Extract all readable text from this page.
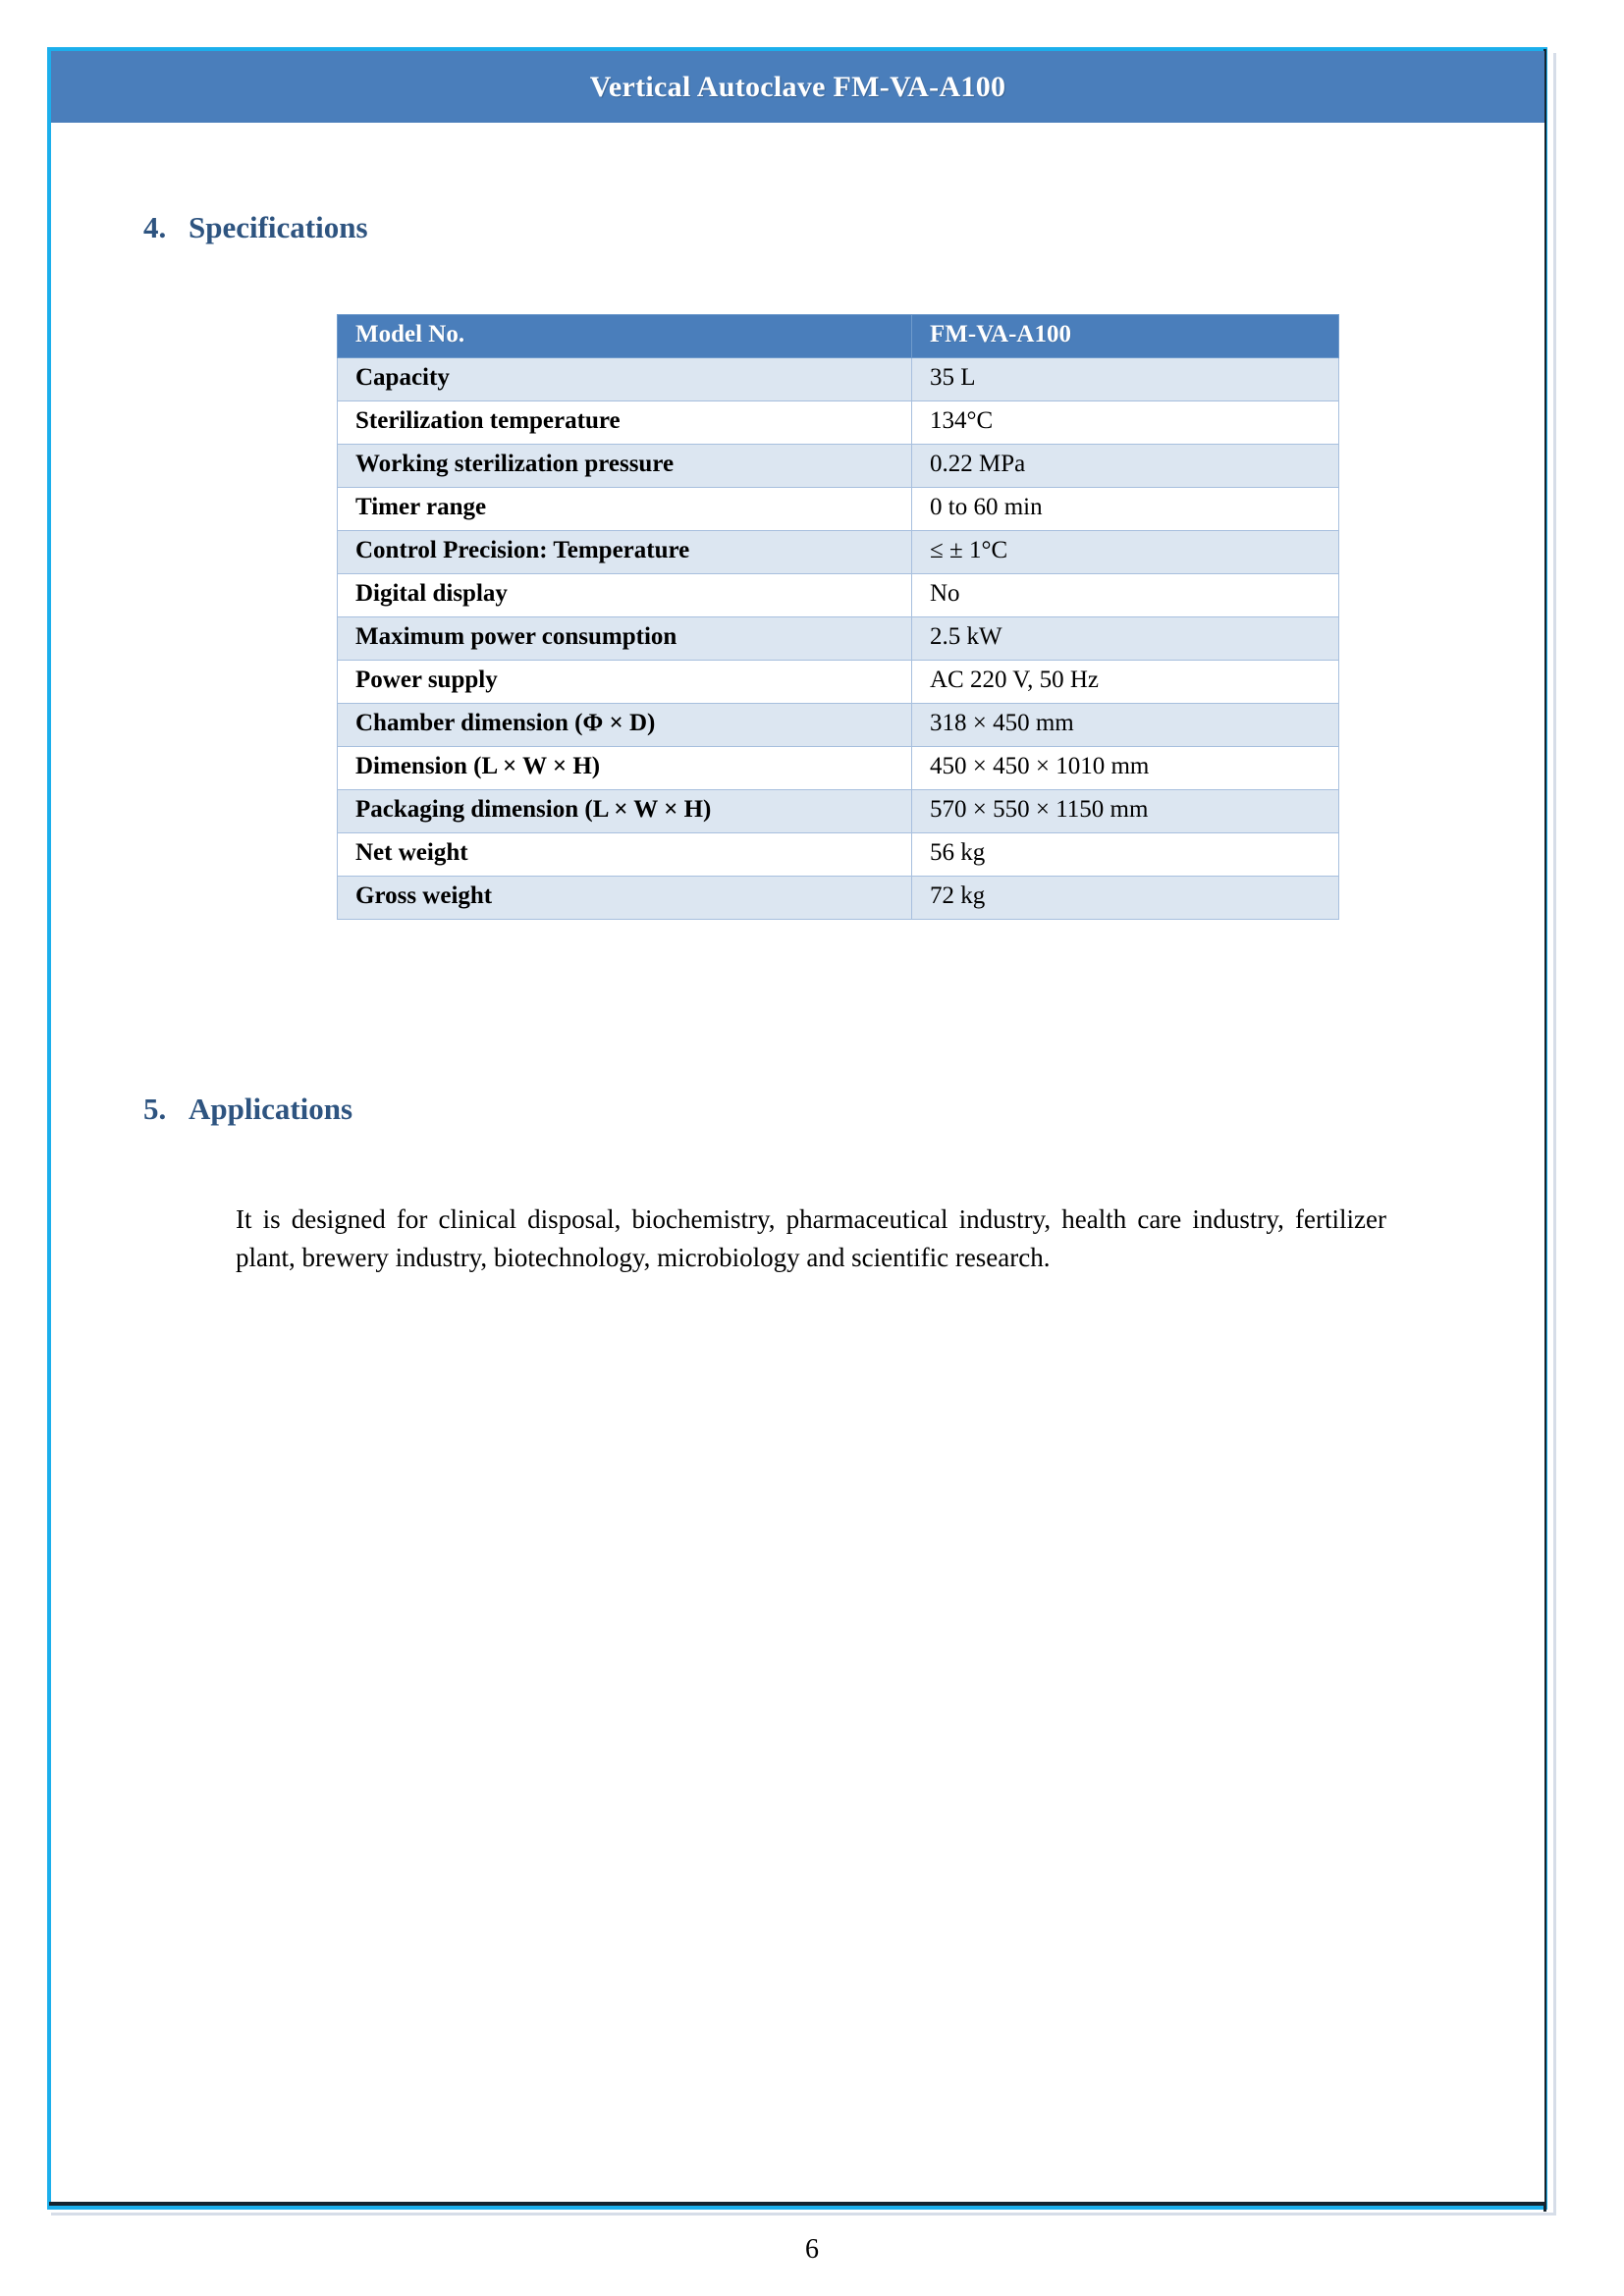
Vertical Autoclave FM-VA-A100
4. Specifications
Model No.	FM-VA-A100
Capacity	35 L
Sterilization temperature	134°C
Working sterilization pressure	0.22 MPa
Timer range	0 to 60 min
Control Precision: Temperature	≤ ± 1°C
Digital display	No
Maximum power consumption	2.5 kW
Power supply	AC 220 V, 50 Hz
Chamber dimension (Φ × D)	318 × 450 mm
Dimension (L × W × H)	450 × 450 × 1010 mm
Packaging dimension (L × W × H)	570 × 550 × 1150 mm
Net weight	56 kg
Gross weight	72 kg
5. Applications

It is designed for clinical disposal, biochemistry, pharmaceutical industry, health care industry, fertilizer plant, brewery industry, biotechnology, microbiology and scientific research.

6
